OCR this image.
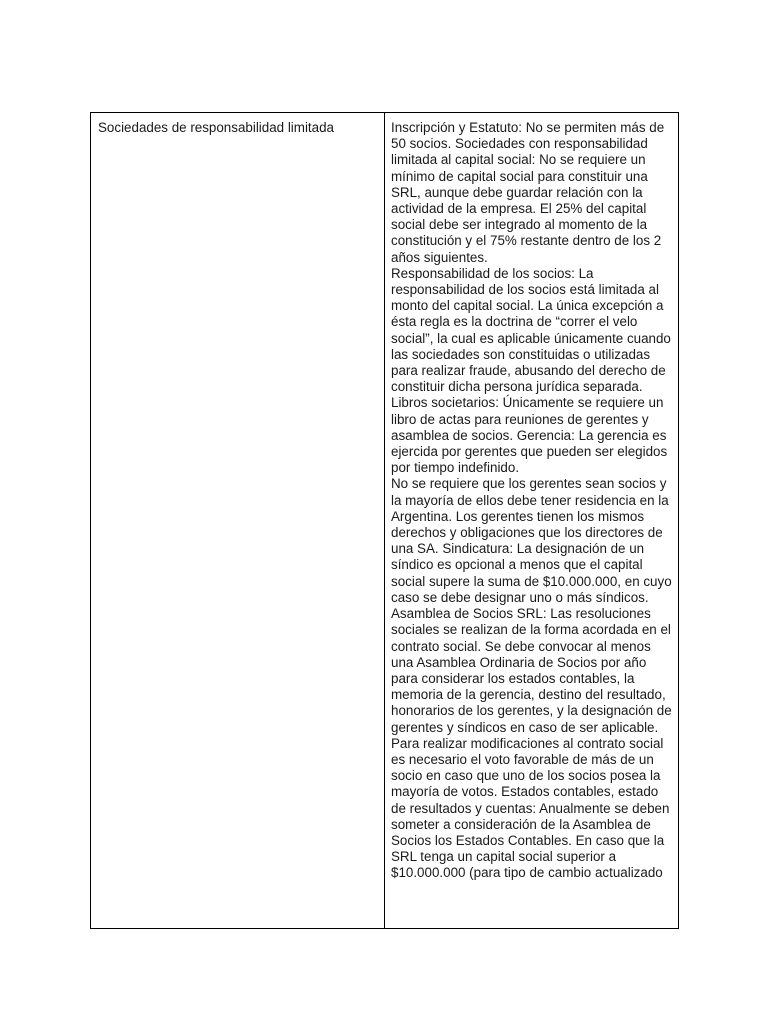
Sociedades de responsabilidad limitada	Inscripción y Estatuto: No se permiten más de 50 socios. Sociedades con responsabilidad limitada al capital social: No se requiere un mínimo de capital social para constituir una SRL, aunque debe guardar relación con la actividad de la empresa. El 25% del capital social debe ser integrado al momento de la constitución y el 75% restante dentro de los 2 años siguientes.

Responsabilidad de los socios: La responsabilidad de los socios está limitada al monto del capital social. La única excepción a ésta regla es la doctrina de “correr el velo social”, la cual es aplicable únicamente cuando las sociedades son constituidas o utilizadas para realizar fraude, abusando del derecho de constituir dicha persona jurídica separada. Libros societarios: Únicamente se requiere un libro de actas para reuniones de gerentes y asamblea de socios. Gerencia: La gerencia es ejercida por gerentes que pueden ser elegidos por tiempo indefinido.

No se requiere que los gerentes sean socios y la mayoría de ellos debe tener residencia en la Argentina. Los gerentes tienen los mismos derechos y obligaciones que los directores de una SA. Sindicatura: La designación de un síndico es opcional a menos que el capital social supere la suma de $10.000.000, en cuyo caso se debe designar uno o más síndicos.

Asamblea de Socios SRL: Las resoluciones sociales se realizan de la forma acordada en el contrato social. Se debe convocar al menos una Asamblea Ordinaria de Socios por año para considerar los estados contables, la memoria de la gerencia, destino del resultado, honorarios de los gerentes, y la designación de gerentes y síndicos en caso de ser aplicable. Para realizar modificaciones al contrato social es necesario el voto favorable de más de un socio en caso que uno de los socios posea la mayoría de votos. Estados contables, estado de resultados y cuentas: Anualmente se deben someter a consideración de la Asamblea de Socios los Estados Contables. En caso que la SRL tenga un capital social superior a $10.000.000 (para tipo de cambio actualizado
